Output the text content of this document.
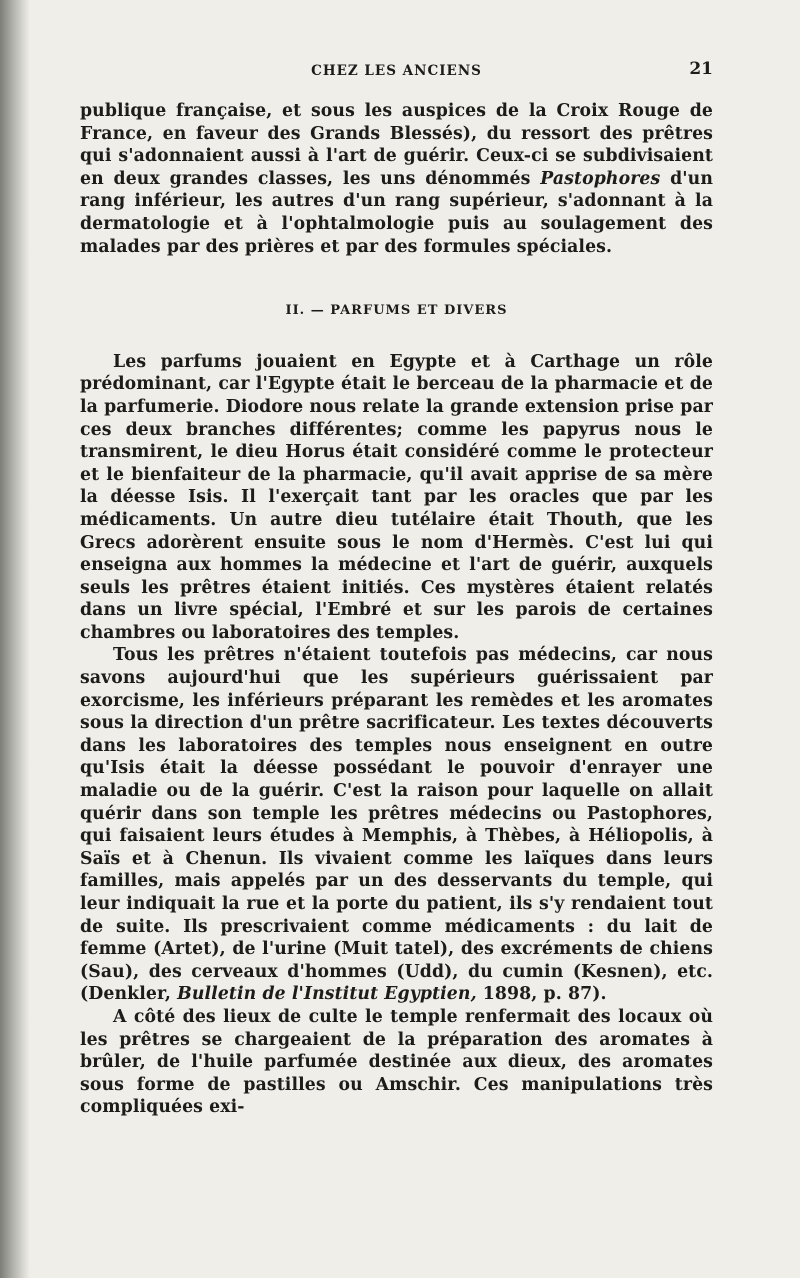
CHEZ LES ANCIENS	21

publique française, et sous les auspices de la Croix Rouge de France, en faveur des Grands Blessés), du ressort des prêtres qui s'adonnaient aussi à l'art de guérir. Ceux-ci se subdivisaient en deux grandes classes, les uns dénommés Pastophores d'un rang inférieur, les autres d'un rang supérieur, s'adonnant à la dermatologie et à l'ophtalmologie puis au soulagement des malades par des prières et par des formules spéciales.

II. — PARFUMS ET DIVERS

Les parfums jouaient en Egypte et à Carthage un rôle prédominant, car l'Egypte était le berceau de la pharmacie et de la parfumerie. Diodore nous relate la grande extension prise par ces deux branches différentes; comme les papyrus nous le transmirent, le dieu Horus était considéré comme le protecteur et le bienfaiteur de la pharmacie, qu'il avait apprise de sa mère la déesse Isis. Il l'exerçait tant par les oracles que par les médicaments. Un autre dieu tutélaire était Thouth, que les Grecs adorèrent ensuite sous le nom d'Hermès. C'est lui qui enseigna aux hommes la médecine et l'art de guérir, auxquels seuls les prêtres étaient initiés. Ces mystères étaient relatés dans un livre spécial, l'Embré et sur les parois de certaines chambres ou laboratoires des temples.

Tous les prêtres n'étaient toutefois pas médecins, car nous savons aujourd'hui que les supérieurs guérissaient par exorcisme, les inférieurs préparant les remèdes et les aromates sous la direction d'un prêtre sacrificateur. Les textes découverts dans les laboratoires des temples nous enseignent en outre qu'Isis était la déesse possédant le pouvoir d'enrayer une maladie ou de la guérir. C'est la raison pour laquelle on allait quérir dans son temple les prêtres médecins ou Pastophores, qui faisaient leurs études à Memphis, à Thèbes, à Héliopolis, à Saïs et à Chenun. Ils vivaient comme les laïques dans leurs familles, mais appelés par un des desservants du temple, qui leur indiquait la rue et la porte du patient, ils s'y rendaient tout de suite. Ils prescrivaient comme médicaments : du lait de femme (Artet), de l'urine (Muit tatel), des excréments de chiens (Sau), des cerveaux d'hommes (Udd), du cumin (Kesnen), etc. (Denkler, Bulletin de l'Institut Egyptien, 1898, p. 87).

A côté des lieux de culte le temple renfermait des locaux où les prêtres se chargeaient de la préparation des aromates à brûler, de l'huile parfumée destinée aux dieux, des aromates sous forme de pastilles ou Amschir. Ces manipulations très compliquées exi-
